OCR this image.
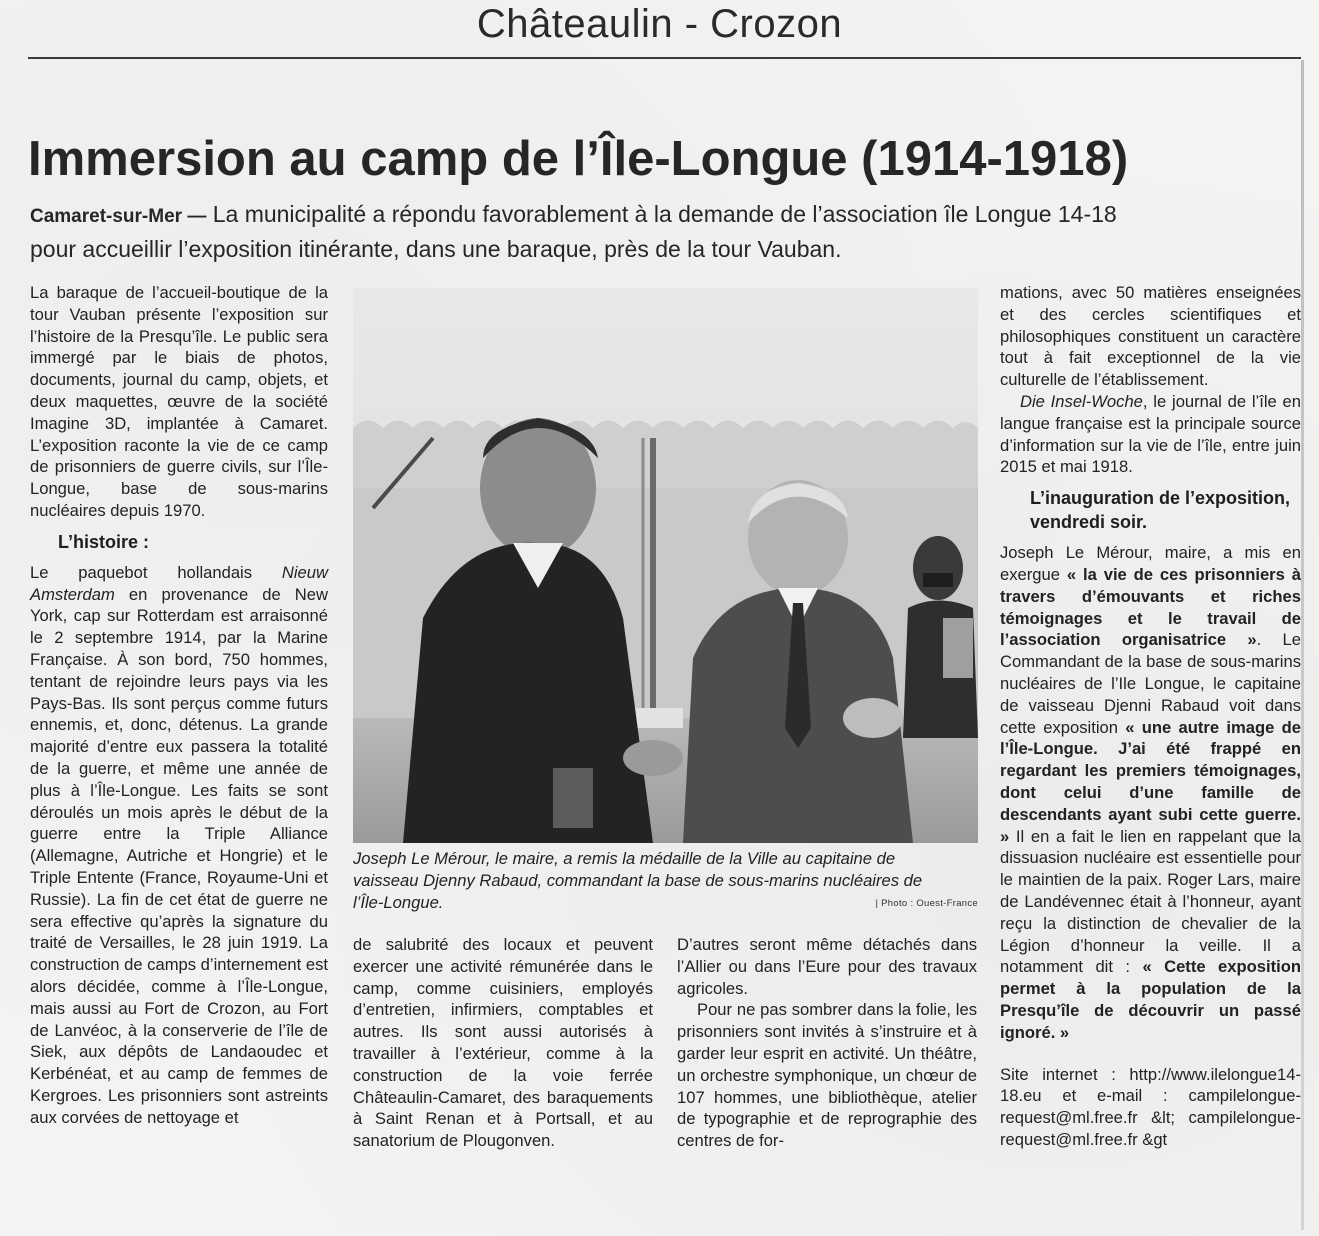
Châteaulin - Crozon
Immersion au camp de l’Île-Longue (1914-1918)
Camaret-sur-Mer — La municipalité a répondu favorablement à la demande de l’association île Longue 14-18 pour accueillir l’exposition itinérante, dans une baraque, près de la tour Vauban.

La baraque de l’accueil-boutique de la tour Vauban présente l’exposition sur l’histoire de la Presqu’île. Le public sera immergé par le biais de photos, documents, journal du camp, objets, et deux maquettes, œuvre de la société Imagine 3D, implantée à Camaret. L’exposition raconte la vie de ce camp de prisonniers de guerre civils, sur l’Île-Longue, base de sous-marins nucléaires depuis 1970.

L’histoire :

Le paquebot hollandais Nieuw Amsterdam en provenance de New York, cap sur Rotterdam est arraisonné le 2 septembre 1914, par la Marine Française. À son bord, 750 hommes, tentant de rejoindre leurs pays via les Pays-Bas. Ils sont perçus comme futurs ennemis, et, donc, détenus. La grande majorité d’entre eux passera la totalité de la guerre, et même une année de plus à l’Île-Longue. Les faits se sont déroulés un mois après le début de la guerre entre la Triple Alliance (Allemagne, Autriche et Hongrie) et le Triple Entente (France, Royaume-Uni et Russie). La fin de cet état de guerre ne sera effective qu’après la signature du traité de Versailles, le 28 juin 1919. La construction de camps d’internement est alors décidée, comme à l’Île-Longue, mais aussi au Fort de Crozon, au Fort de Lanvéoc, à la conserverie de l’île de Siek, aux dépôts de Landaoudec et Kerbénéat, et au camp de femmes de Kergroes. Les prisonniers sont astreints aux corvées de nettoyage et

Joseph Le Mérour, le maire, a remis la médaille de la Ville au capitaine de vaisseau Djenny Rabaud, commandant la base de sous-marins nucléaires de l’Île-Longue.	| Photo : Ouest-France

de salubrité des locaux et peuvent exercer une activité rémunérée dans le camp, comme cuisiniers, employés d’entretien, infirmiers, comptables et autres. Ils sont aussi autorisés à travailler à l’extérieur, comme à la construction de la voie ferrée Châteaulin-Camaret, des baraquements à Saint Renan et à Portsall, et au sanatorium de Plougonven.

D’autres seront même détachés dans l’Allier ou dans l’Eure pour des travaux agricoles.

Pour ne pas sombrer dans la folie, les prisonniers sont invités à s’instruire et à garder leur esprit en activité. Un théâtre, un orchestre symphonique, un chœur de 107 hommes, une bibliothèque, atelier de typographie et de reprographie des centres de for-

mations, avec 50 matières enseignées et des cercles scientifiques et philosophiques constituent un caractère tout à fait exceptionnel de la vie culturelle de l’établissement.

Die Insel-Woche, le journal de l’île en langue française est la principale source d’information sur la vie de l’île, entre juin 2015 et mai 1918.

L’inauguration de l’exposition, vendredi soir.

Joseph Le Mérour, maire, a mis en exergue « la vie de ces prisonniers à travers d’émouvants et riches témoignages et le travail de l’association organisatrice ». Le Commandant de la base de sous-marins nucléaires de l’Ile Longue, le capitaine de vaisseau Djenni Rabaud voit dans cette exposition « une autre image de l’Île-Longue. J’ai été frappé en regardant les premiers témoignages, dont celui d’une famille de descendants ayant subi cette guerre. » Il en a fait le lien en rappelant que la dissuasion nucléaire est essentielle pour le maintien de la paix. Roger Lars, maire de Landévennec était à l’honneur, ayant reçu la distinction de chevalier de la Légion d’honneur la veille. Il a notamment dit : « Cette exposition permet à la population de la Presqu’île de découvrir un passé ignoré. »

Site internet : http://www.ilelongue14-18.eu et e-mail : campilelongue-request@ml.free.fr &lt; campilelongue-request@ml.free.fr &gt
